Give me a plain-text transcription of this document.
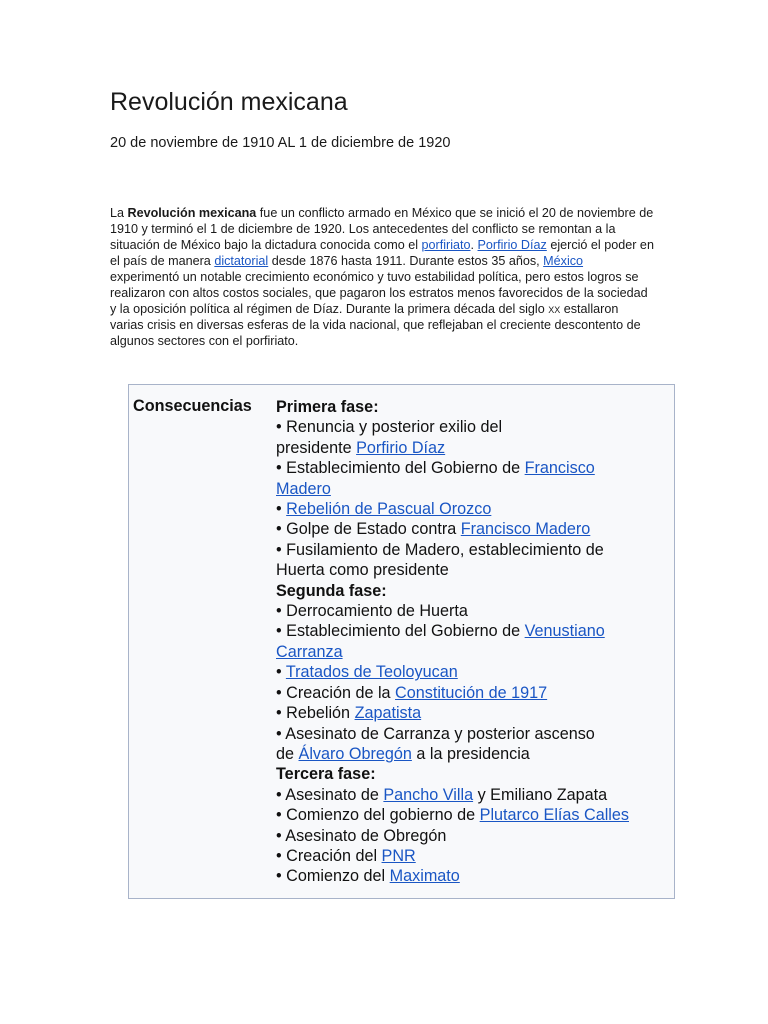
Revolución mexicana

20 de noviembre de 1910 AL 1 de diciembre de 1920

La Revolución mexicana fue un conflicto armado en México que se inició el 20 de noviembre de 1910 y terminó el 1 de diciembre de 1920. Los antecedentes del conflicto se remontan a la situación de México bajo la dictadura conocida como el porfiriato. Porfirio Díaz ejerció el poder en el país de manera dictatorial desde 1876 hasta 1911. Durante estos 35 años, México experimentó un notable crecimiento económico y tuvo estabilidad política, pero estos logros se realizaron con altos costos sociales, que pagaron los estratos menos favorecidos de la sociedad y la oposición política al régimen de Díaz. Durante la primera década del siglo xx estallaron varias crisis en diversas esferas de la vida nacional, que reflejaban el creciente descontento de algunos sectores con el porfiriato.

Consecuencias Primera fase:
• Renuncia y posterior exilio del
presidente Porfirio Díaz
• Establecimiento del Gobierno de Francisco
Madero
• Rebelión de Pascual Orozco
• Golpe de Estado contra Francisco Madero
• Fusilamiento de Madero, establecimiento de
Huerta como presidente
Segunda fase:
• Derrocamiento de Huerta
• Establecimiento del Gobierno de Venustiano
Carranza
• Tratados de Teoloyucan
• Creación de la Constitución de 1917
• Rebelión Zapatista
• Asesinato de Carranza y posterior ascenso
de Álvaro Obregón a la presidencia
Tercera fase:
• Asesinato de Pancho Villa y Emiliano Zapata
• Comienzo del gobierno de Plutarco Elías Calles
• Asesinato de Obregón
• Creación del PNR
• Comienzo del Maximato
